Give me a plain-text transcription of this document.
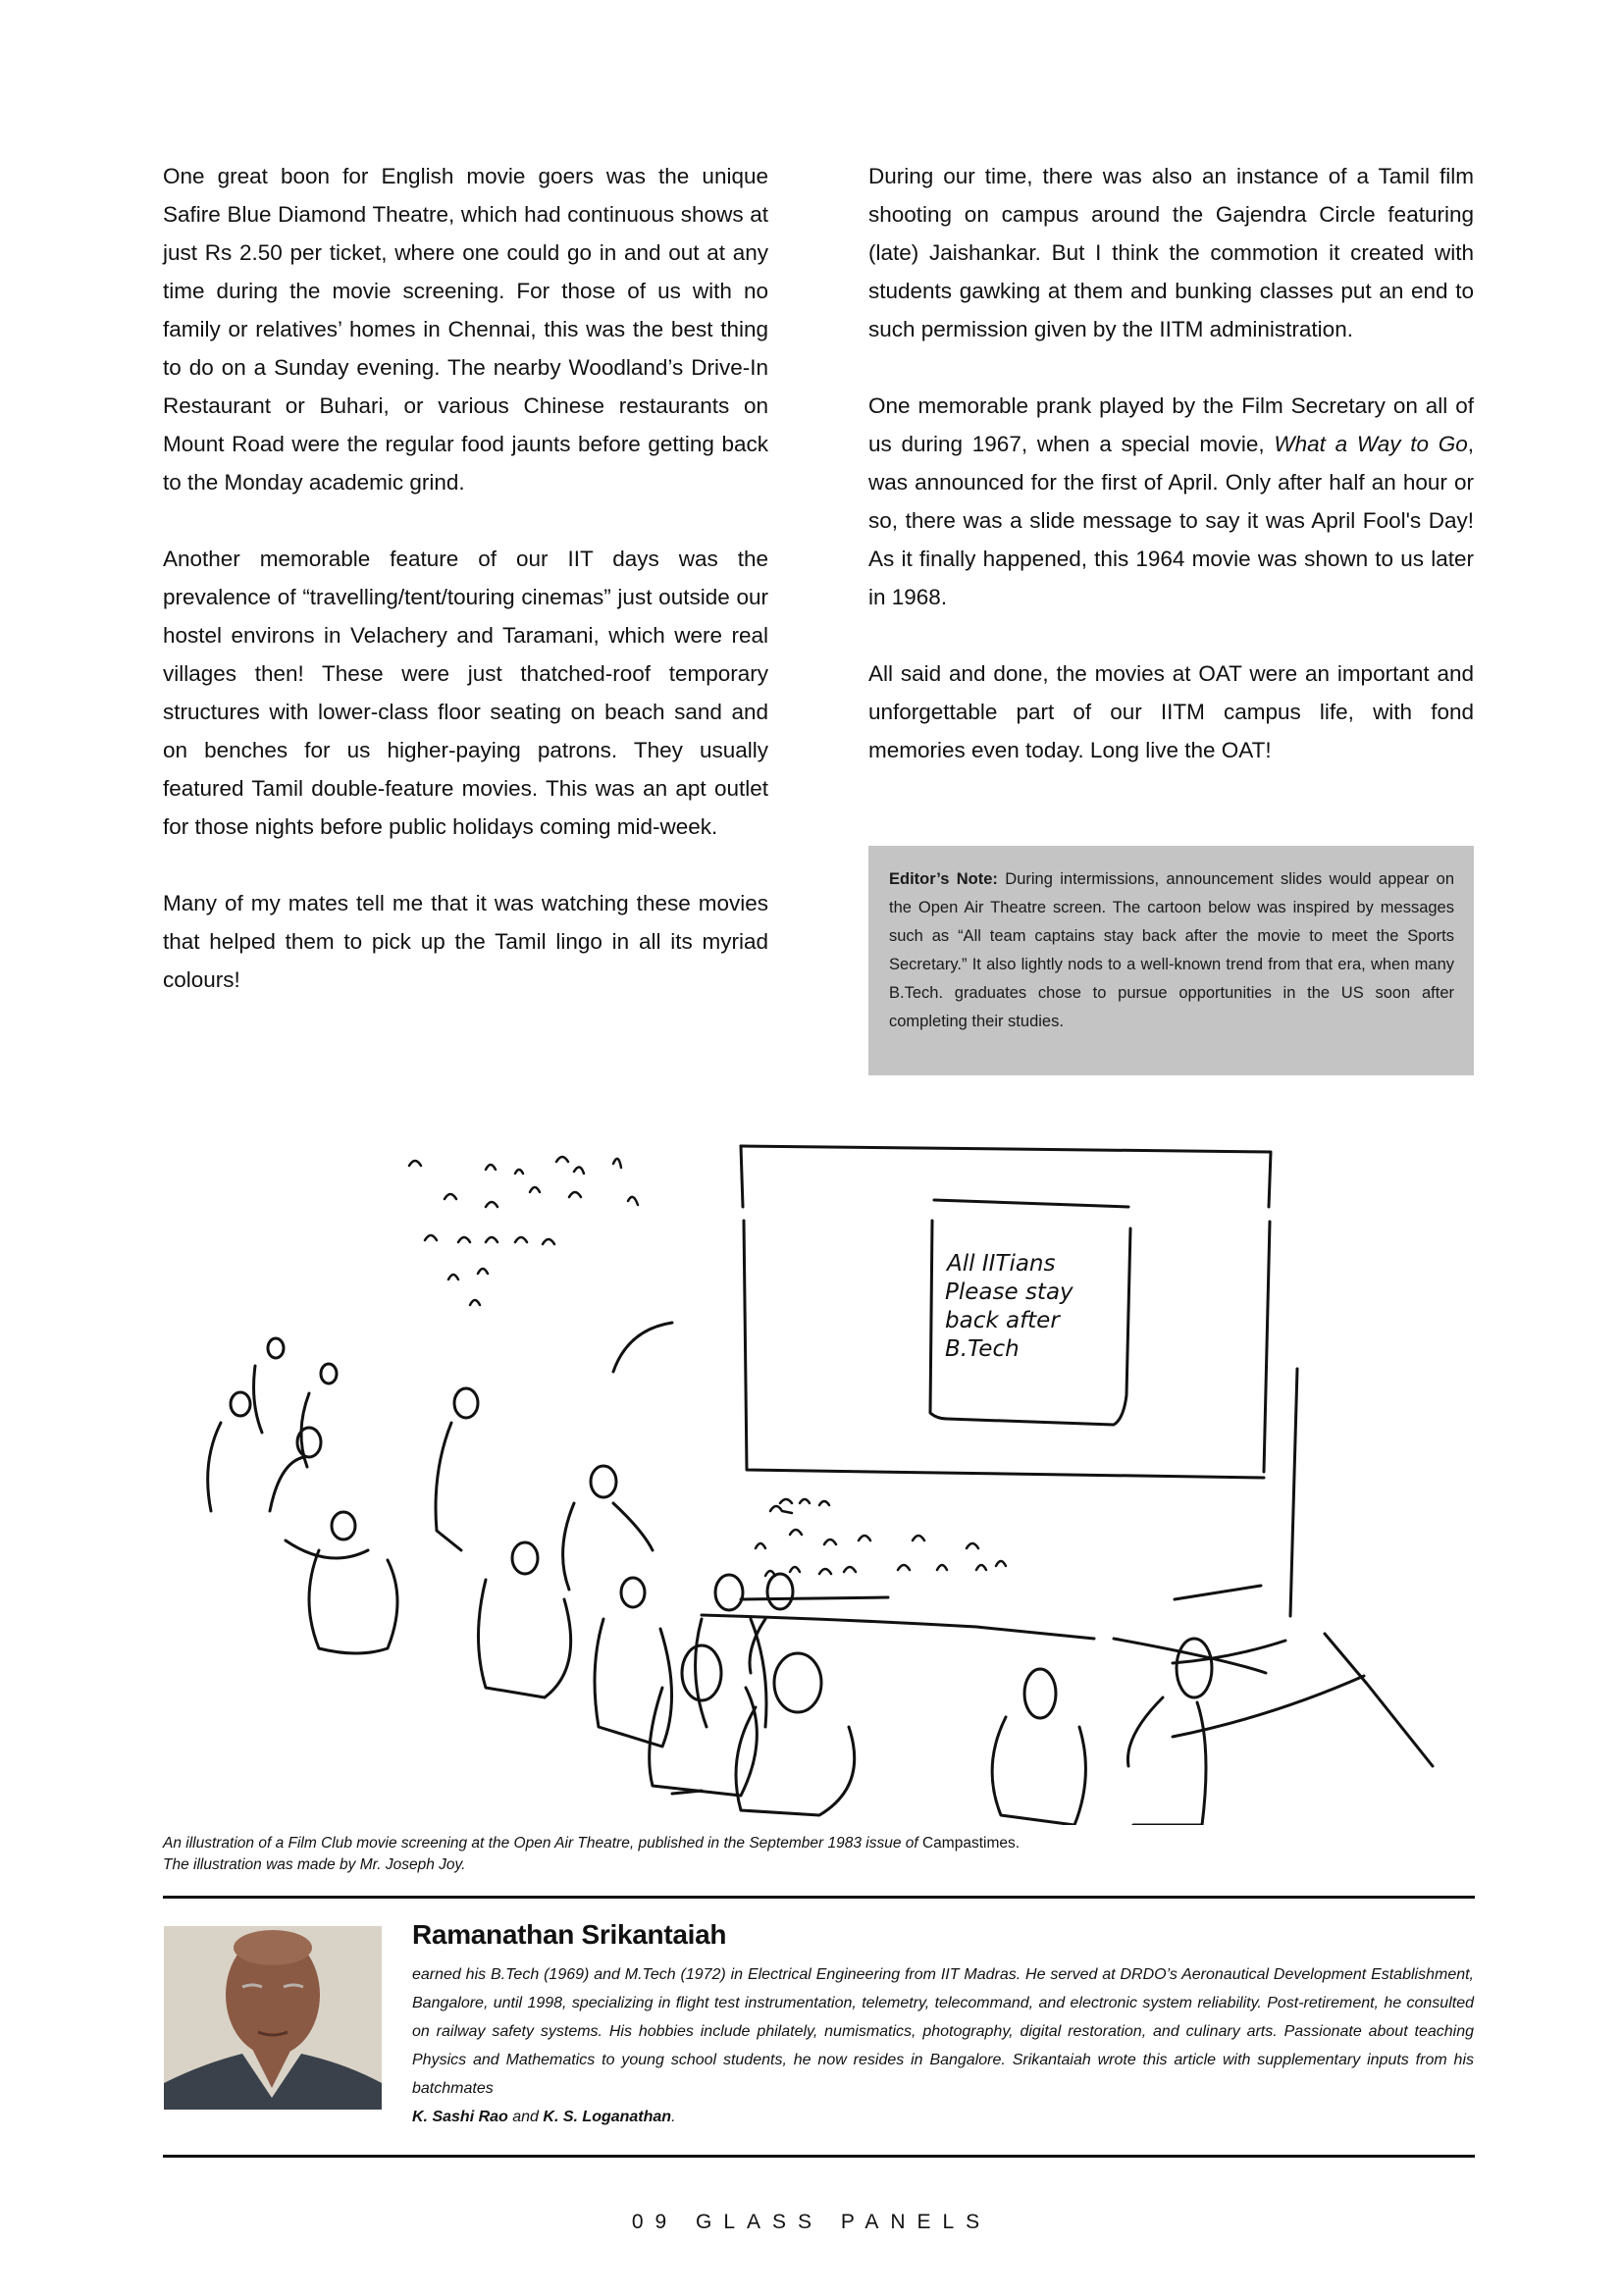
One great boon for English movie goers was the unique Safire Blue Diamond Theatre, which had continuous shows at just Rs 2.50 per ticket, where one could go in and out at any time during the movie screening. For those of us with no family or relatives’ homes in Chennai, this was the best thing to do on a Sunday evening. The nearby Woodland’s Drive-In Restaurant or Buhari, or various Chinese restaurants on Mount Road were the regular food jaunts before getting back to the Monday academic grind.

Another memorable feature of our IIT days was the prevalence of “travelling/tent/touring cinemas” just outside our hostel environs in Velachery and Taramani, which were real villages then! These were just thatched-roof temporary structures with lower-class floor seating on beach sand and on benches for us higher-paying patrons. They usually featured Tamil double-feature movies. This was an apt outlet for those nights before public holidays coming mid-week.

Many of my mates tell me that it was watching these movies that helped them to pick up the Tamil lingo in all its myriad colours!

During our time, there was also an instance of a Tamil film shooting on campus around the Gajendra Circle featuring (late) Jaishankar. But I think the commotion it created with students gawking at them and bunking classes put an end to such permission given by the IITM administration.

One memorable prank played by the Film Secretary on all of us during 1967, when a special movie, What a Way to Go, was announced for the first of April. Only after half an hour or so, there was a slide message to say it was April Fool's Day! As it finally happened, this 1964 movie was shown to us later in 1968.

All said and done, the movies at OAT were an important and unforgettable part of our IITM campus life, with fond memories even today. Long live the OAT!

Editor’s Note: During intermissions, announcement slides would appear on the Open Air Theatre screen. The cartoon below was inspired by messages such as “All team captains stay back after the movie to meet the Sports Secretary.” It also lightly nods to a well-known trend from that era, when many B.Tech. graduates chose to pursue opportunities in the US soon after completing their studies.
All IITians
Please stay
back after
B.Tech
An illustration of a Film Club movie screening at the Open Air Theatre, published in the September 1983 issue of Campastimes.
The illustration was made by Mr. Joseph Joy.
Ramanathan Srikantaiah
earned his B.Tech (1969) and M.Tech (1972) in Electrical Engineering from IIT Madras. He served at DRDO’s Aeronautical Development Establishment, Bangalore, until 1998, specializing in flight test instrumentation, telemetry, telecommand, and electronic system reliability. Post-retirement, he consulted on railway safety systems. His hobbies include philately, numismatics, photography, digital restoration, and culinary arts. Passionate about teaching Physics and Mathematics to young school students, he now resides in Bangalore. Srikantaiah wrote this article with supplementary inputs from his batchmates
K. Sashi Rao and K. S. Loganathan.
09 GLASS PANELS
